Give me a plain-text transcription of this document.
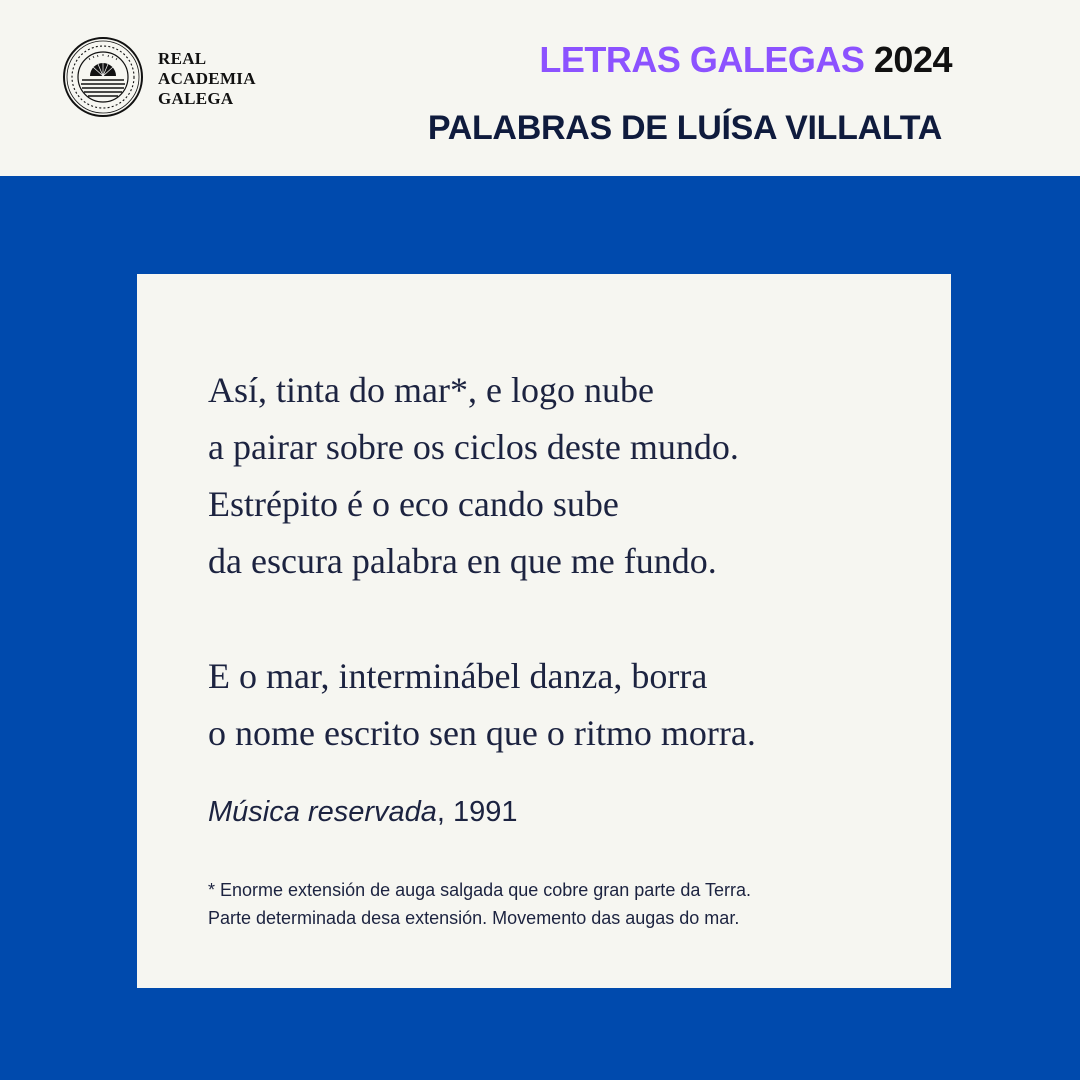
REAL
ACADEMIA
GALEGA
LETRAS GALEGAS 2024
PALABRAS DE LUÍSA VILLALTA
Así, tinta do mar*, e logo nube
a pairar sobre os ciclos deste mundo.
Estrépito é o eco cando sube
da escura palabra en que me fundo.
E o mar, interminábel danza, borra
o nome escrito sen que o ritmo morra.
Música reservada, 1991
* Enorme extensión de auga salgada que cobre gran parte da Terra.
Parte determinada desa extensión. Movemento das augas do mar.
